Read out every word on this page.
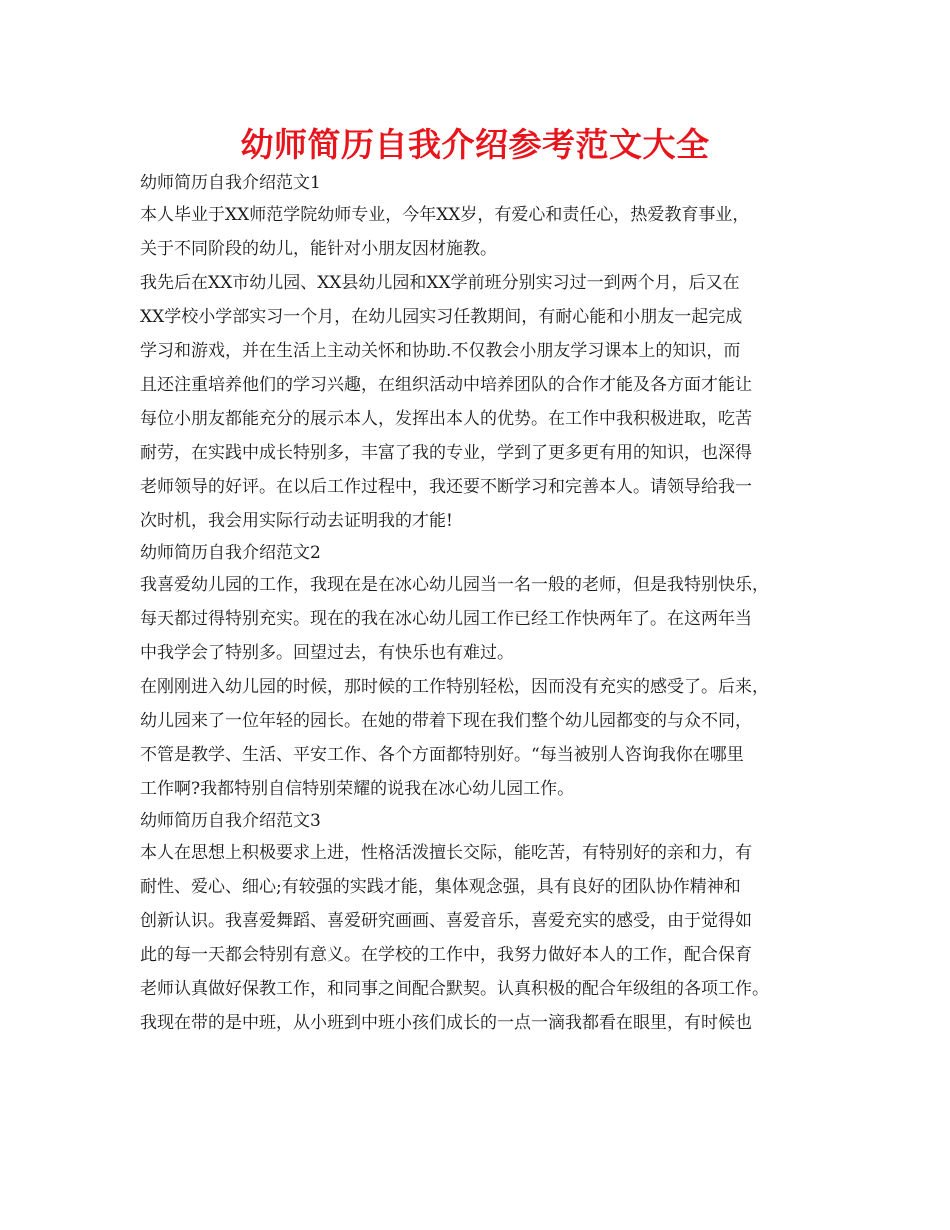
幼师简历自我介绍参考范文大全
幼师简历自我介绍范文1
本人毕业于XX师范学院幼师专业，今年XX岁，有爱心和责任心，热爱教育事业，
关于不同阶段的幼儿，能针对小朋友因材施教。
我先后在XX市幼儿园、XX县幼儿园和XX学前班分别实习过一到两个月，后又在
XX学校小学部实习一个月，在幼儿园实习任教期间，有耐心能和小朋友一起完成
学习和游戏，并在生活上主动关怀和协助.不仅教会小朋友学习课本上的知识，而
且还注重培养他们的学习兴趣，在组织活动中培养团队的合作才能及各方面才能让
每位小朋友都能充分的展示本人，发挥出本人的优势。在工作中我积极进取，吃苦
耐劳，在实践中成长特别多，丰富了我的专业，学到了更多更有用的知识，也深得
老师领导的好评。在以后工作过程中，我还要不断学习和完善本人。请领导给我一
次时机，我会用实际行动去证明我的才能!
幼师简历自我介绍范文2
我喜爱幼儿园的工作，我现在是在冰心幼儿园当一名一般的老师，但是我特别快乐，
每天都过得特别充实。现在的我在冰心幼儿园工作已经工作快两年了。在这两年当
中我学会了特别多。回望过去，有快乐也有难过。
在刚刚进入幼儿园的时候，那时候的工作特别轻松，因而没有充实的感受了。后来，
幼儿园来了一位年轻的园长。在她的带着下现在我们整个幼儿园都变的与众不同，
不管是教学、生活、平安工作、各个方面都特别好。“每当被别人咨询我你在哪里
工作啊?我都特别自信特别荣耀的说我在冰心幼儿园工作。
幼师简历自我介绍范文3
本人在思想上积极要求上进，性格活泼擅长交际，能吃苦，有特别好的亲和力，有
耐性、爱心、细心;有较强的实践才能，集体观念强，具有良好的团队协作精神和
创新认识。我喜爱舞蹈、喜爱研究画画、喜爱音乐，喜爱充实的感受，由于觉得如
此的每一天都会特别有意义。在学校的工作中，我努力做好本人的工作，配合保育
老师认真做好保教工作，和同事之间配合默契。认真积极的配合年级组的各项工作。
我现在带的是中班，从小班到中班小孩们成长的一点一滴我都看在眼里，有时候也
